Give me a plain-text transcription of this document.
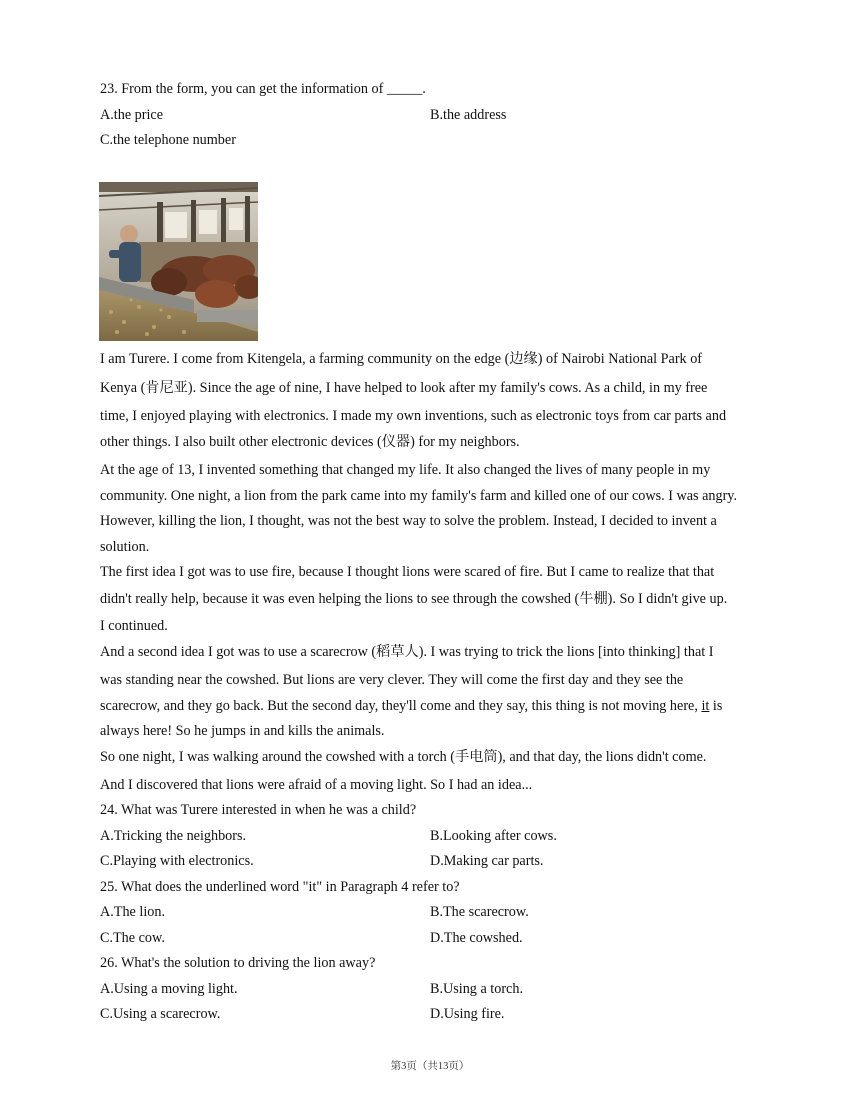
23. From the form, you can get the information of _____.
A.the price	B.the address
C.the telephone number
I am Turere. I come from Kitengela, a farming community on the edge (边缘) of Nairobi National Park of
Kenya (肯尼亚). Since the age of nine, I have helped to look after my family's cows. As a child, in my free
time, I enjoyed playing with electronics. I made my own inventions, such as electronic toys from car parts and
other things. I also built other electronic devices (仪器) for my neighbors.
At the age of 13, I invented something that changed my life. It also changed the lives of many people in my
community. One night, a lion from the park came into my family's farm and killed one of our cows. I was angry.
However, killing the lion, I thought, was not the best way to solve the problem. Instead, I decided to invent a
solution.
The first idea I got was to use fire, because I thought lions were scared of fire. But I came to realize that that
didn't really help, because it was even helping the lions to see through the cowshed (牛棚). So I didn't give up.
I continued.
And a second idea I got was to use a scarecrow (稻草人). I was trying to trick the lions [into thinking] that I
was standing near the cowshed. But lions are very clever. They will come the first day and they see the
scarecrow, and they go back. But the second day, they'll come and they say, this thing is not moving here, it is
always here! So he jumps in and kills the animals.
So one night, I was walking around the cowshed with a torch (手电筒), and that day, the lions didn't come.
And I discovered that lions were afraid of a moving light. So I had an idea...
24. What was Turere interested in when he was a child?
A.Tricking the neighbors.	B.Looking after cows.
C.Playing with electronics.	D.Making car parts.
25. What does the underlined word "it" in Paragraph 4 refer to?
A.The lion.	B.The scarecrow.
C.The cow.	D.The cowshed.
26. What's the solution to driving the lion away?
A.Using a moving light.	B.Using a torch.
C.Using a scarecrow.	D.Using fire.
第3页（共13页）
